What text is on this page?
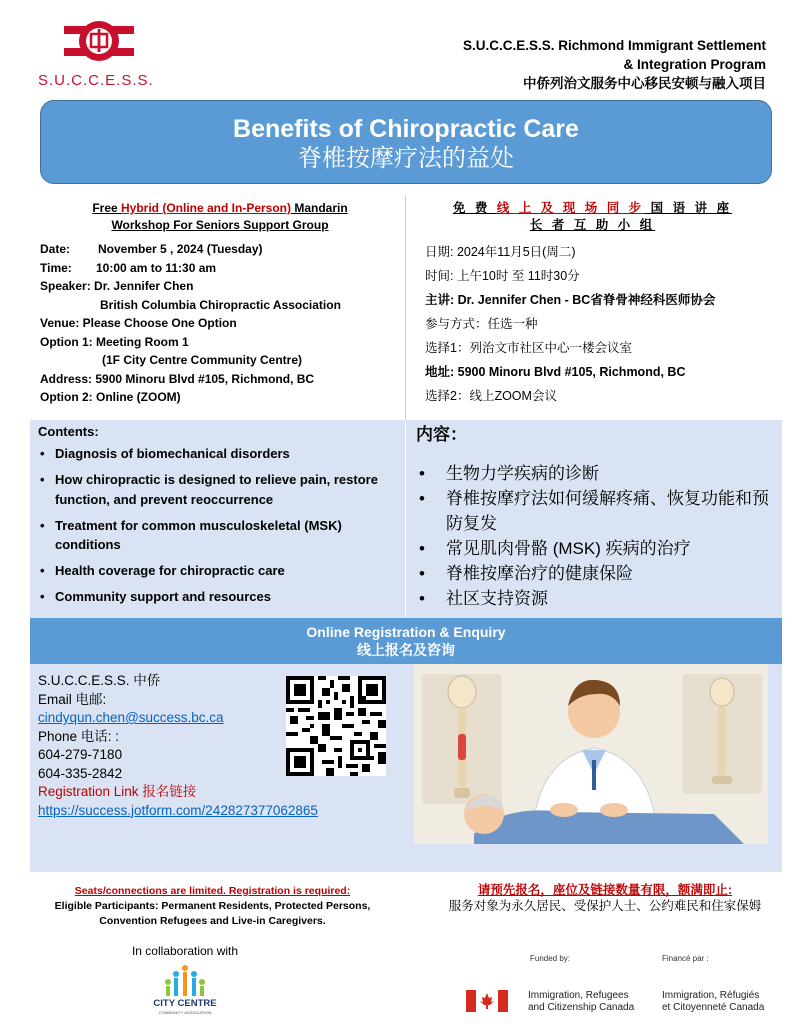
S.U.C.C.E.S.S.
S.U.C.C.E.S.S. Richmond Immigrant Settlement
& Integration Program
中侨列治文服务中心移民安顿与融入项目
Benefits of Chiropractic Care
脊椎按摩疗法的益处
Free Hybrid (Online and In-Person) Mandarin
Workshop For Seniors Support Group
免 费 线 上 及 现 场 同 步 国 语 讲 座
长 者 互 助 小 组
Date: November 5 , 2024 (Tuesday)
Time: 10:00 am to 11:30 am
Speaker: Dr. Jennifer Chen
British Columbia Chiropractic Association
Venue: Please Choose One Option
Option 1: Meeting Room 1
(1F City Centre Community Centre)
Address: 5900 Minoru Blvd #105, Richmond, BC
Option 2: Online (ZOOM)
日期: 2024年11月5日(周二)
时间: 上午10时 至 11时30分
主讲: Dr. Jennifer Chen - BC省脊骨神经科医师协会
参与方式：任选一种
选择1：列治文市社区中心一楼会议室
地址: 5900 Minoru Blvd #105, Richmond, BC
选择2：线上ZOOM会议
Contents:
• Diagnosis of biomechanical disorders
• How chiropractic is designed to relieve pain, restore function, and prevent reoccurrence
• Treatment for common musculoskeletal (MSK) conditions
• Health coverage for chiropractic care
• Community support and resources
内容：
• 生物力学疾病的诊断
• 脊椎按摩疗法如何缓解疼痛、恢复功能和预防复发
• 常见肌肉骨骼 (MSK) 疾病的治疗
• 脊椎按摩治疗的健康保险
• 社区支持资源
Online Registration & Enquiry
线上报名及咨询
S.U.C.C.E.S.S. 中侨
Email 电邮:
cindyqun.chen@success.bc.ca
Phone 电话: :
604-279-7180
604-335-2842
Registration Link 报名链接
https://success.jotform.com/242827377062865
Seats/connections are limited. Registration is required:
Eligible Participants: Permanent Residents, Protected Persons, Convention Refugees and Live-in Caregivers.
请预先报名，座位及链接数量有限，额满即止:
服务对象为永久居民、受保护人士、公约难民和住家保姆
In collaboration with
CITY CENTRE
COMMUNITY ASSOCIATION
Funded by:	Financé par :
Immigration, Refugees
and Citizenship Canada
Immigration, Réfugiés
et Citoyenneté Canada
